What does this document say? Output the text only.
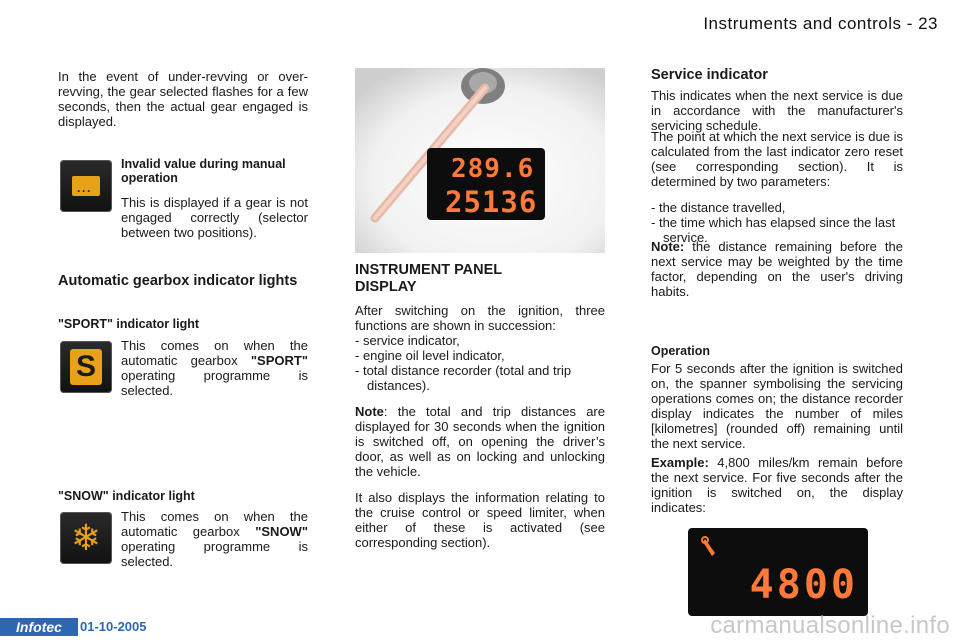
Instruments and controls - 23

In the event of under-revving or over-revving, the gear selected flashes for a few seconds, then the actual gear engaged is displayed.

···
Invalid value during manual operation

This is displayed if a gear is not engaged correctly (selector between two positions).

Automatic gearbox indicator lights
"SPORT" indicator light
S

This comes on when the automatic gearbox "SPORT" operating programme is selected.

"SNOW" indicator light
❄

This comes on when the automatic gearbox "SNOW" operating programme is selected.

289.6
25136
INSTRUMENT PANEL DISPLAY

After switching on the ignition, three functions are shown in succession:

- service indicator,
- engine oil level indicator,
- total distance recorder (total and trip distances).

Note: the total and trip distances are displayed for 30 seconds when the ignition is switched off, on opening the driver’s door, as well as on locking and unlocking the vehicle.

It also displays the information relating to the cruise control or speed limiter, when either of these is activated (see corresponding section).

Service indicator

This indicates when the next service is due in accordance with the manufacturer's servicing schedule.

The point at which the next service is due is calculated from the last indicator zero reset (see corresponding section). It is determined by two parameters:

- the distance travelled,
- the time which has elapsed since the last service.

Note: the distance remaining before the next service may be weighted by the time factor, depending on the user's driving habits.

Operation

For 5 seconds after the ignition is switched on, the spanner symbolising the servicing operations comes on; the distance recorder display indicates the number of miles [kilometres] (rounded off) remaining until the next service.

Example: 4,800 miles/km remain before the next service. For five seconds after the ignition is switched on, the display indicates:

4800
Infotec	01-10-2005	carmanualsonline.info
